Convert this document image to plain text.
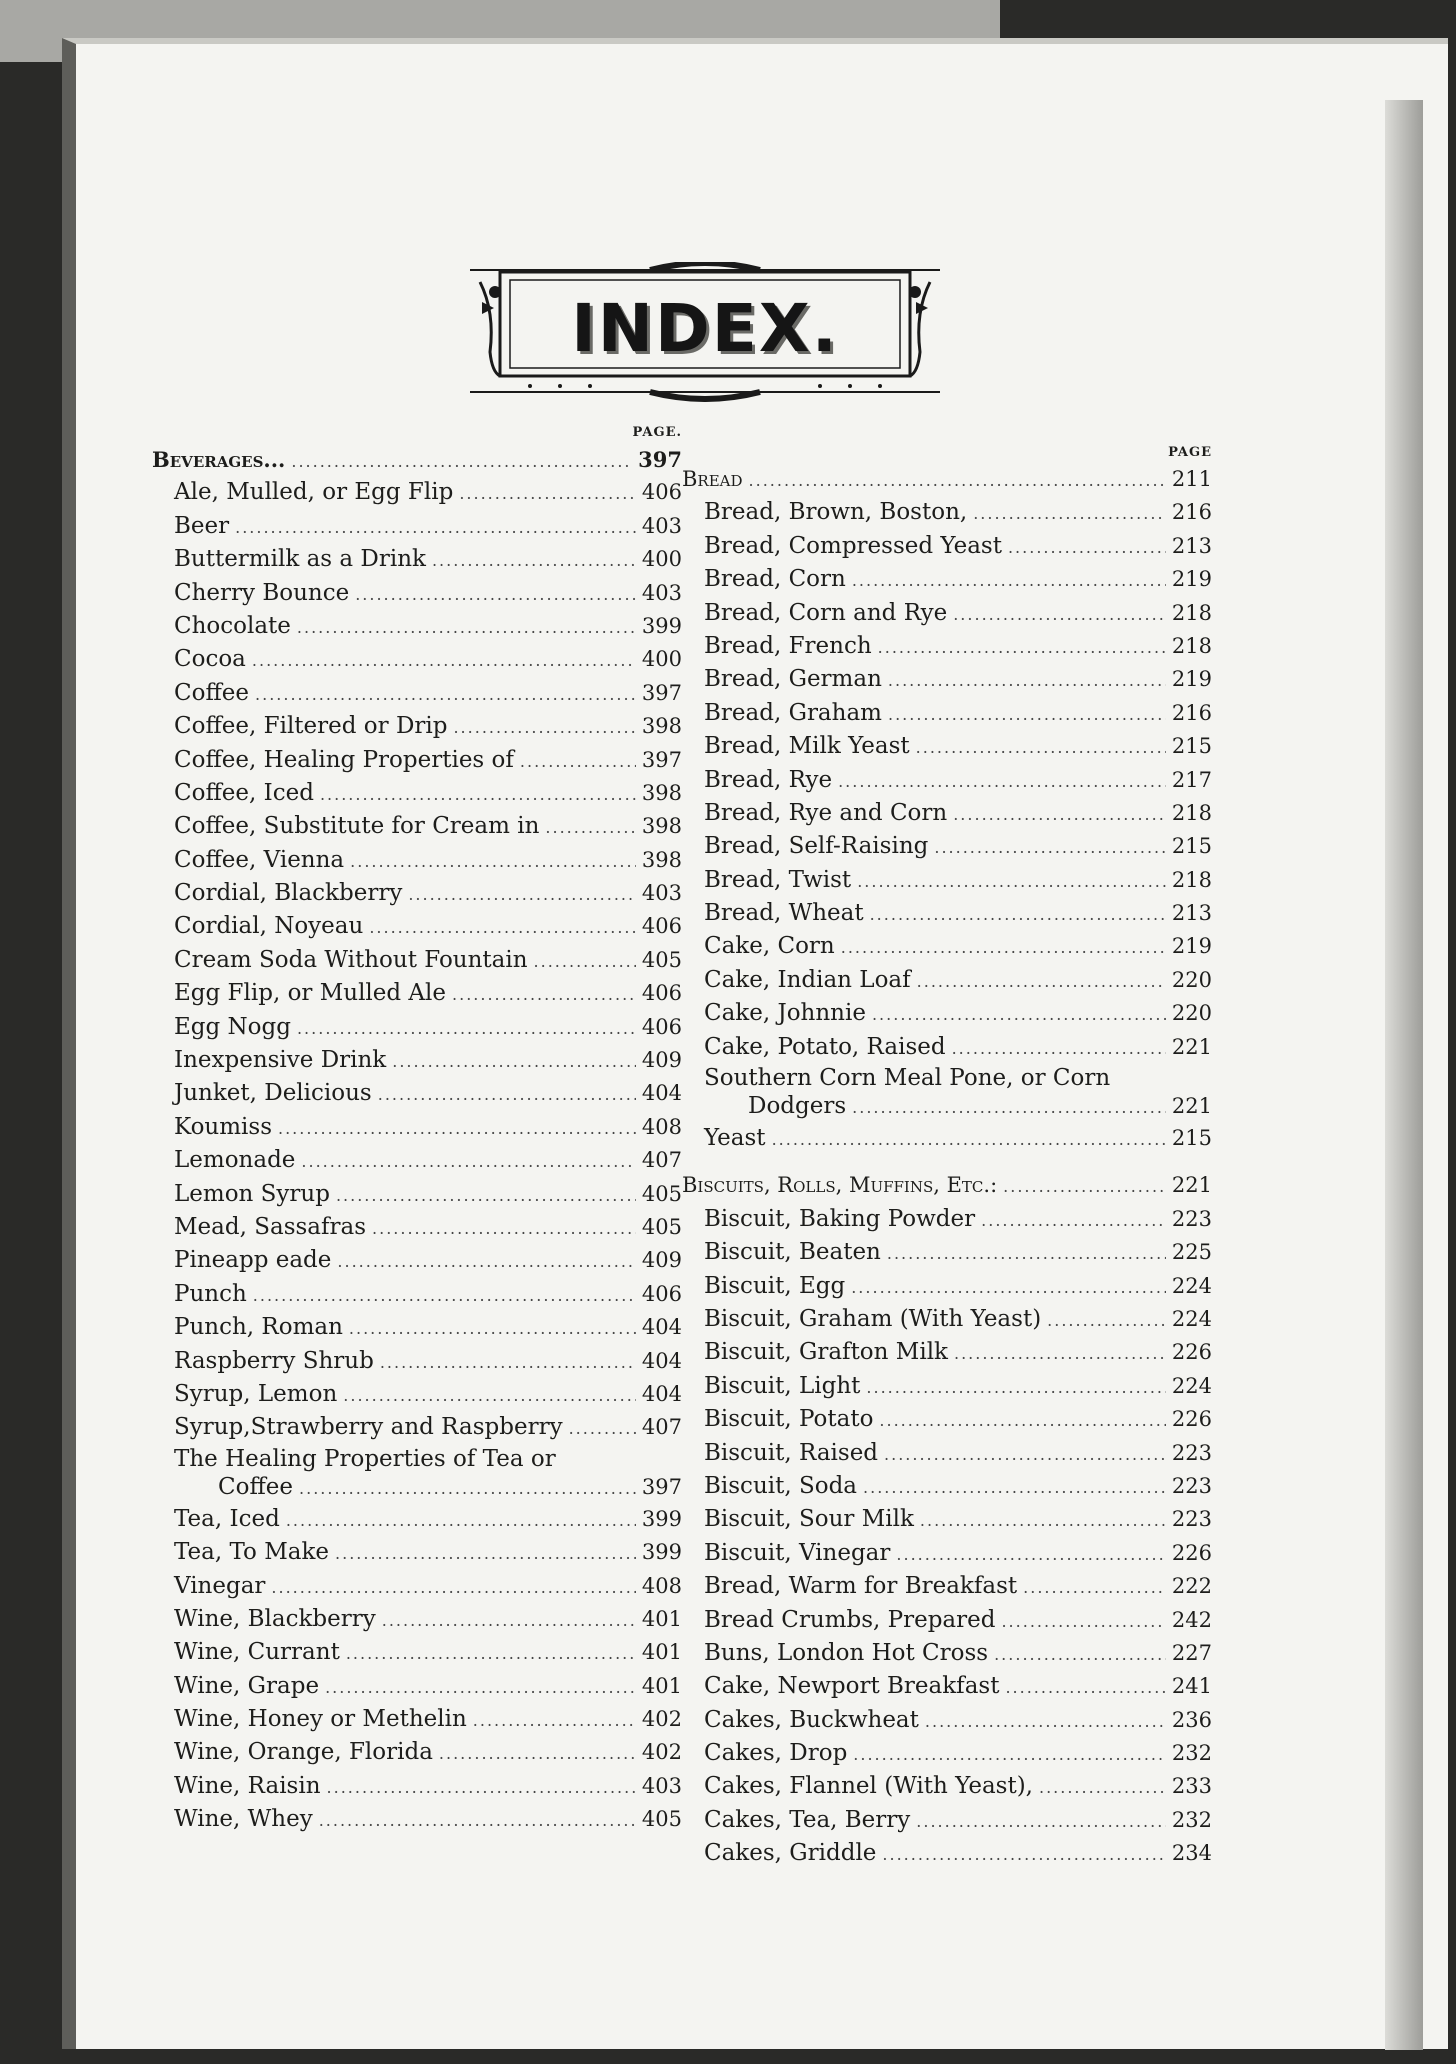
INDEX.
PAGE.
Beverages... .....	397
Ale, Mulled, or Egg Flip .....	406
Beer .....	403
Buttermilk as a Drink .....	400
Cherry Bounce .....	403
Chocolate .....	399
Cocoa .....	400
Coffee .....	397
Coffee, Filtered or Drip .....	398
Coffee, Healing Properties of .....	397
Coffee, Iced .....	398
Coffee, Substitute for Cream in .....	398
Coffee, Vienna .....	398
Cordial, Blackberry .....	403
Cordial, Noyeau .....	406
Cream Soda Without Fountain .....	405
Egg Flip, or Mulled Ale .....	406
Egg Nogg .....	406
Inexpensive Drink .....	409
Junket, Delicious .....	404
Koumiss .....	408
Lemonade .....	407
Lemon Syrup .....	405
Mead, Sassafras .....	405
Pineapp eade .....	409
Punch .....	406
Punch, Roman .....	404
Raspberry Shrub .....	404
Syrup, Lemon .....	404
Syrup,Strawberry and Raspberry .....	407
The Healing Properties of Tea or
Coffee .....	397
Tea, Iced .....	399
Tea, To Make .....	399
Vinegar .....	408
Wine, Blackberry .....	401
Wine, Currant .....	401
Wine, Grape .....	401
Wine, Honey or Methelin .....	402
Wine, Orange, Florida .....	402
Wine, Raisin .....	403
Wine, Whey .....	405
PAGE
Bread .....	211
Bread, Brown, Boston, .....	216
Bread, Compressed Yeast .....	213
Bread, Corn .....	219
Bread, Corn and Rye .....	218
Bread, French .....	218
Bread, German .....	219
Bread, Graham .....	216
Bread, Milk Yeast .....	215
Bread, Rye .....	217
Bread, Rye and Corn .....	218
Bread, Self-Raising .....	215
Bread, Twist .....	218
Bread, Wheat .....	213
Cake, Corn .....	219
Cake, Indian Loaf .....	220
Cake, Johnnie .....	220
Cake, Potato, Raised .....	221
Southern Corn Meal Pone, or Corn
Dodgers .....	221
Yeast .....	215
Biscuits, Rolls, Muffins, Etc.: .....	221
Biscuit, Baking Powder .....	223
Biscuit, Beaten .....	225
Biscuit, Egg .....	224
Biscuit, Graham (With Yeast) .....	224
Biscuit, Grafton Milk .....	226
Biscuit, Light .....	224
Biscuit, Potato .....	226
Biscuit, Raised .....	223
Biscuit, Soda .....	223
Biscuit, Sour Milk .....	223
Biscuit, Vinegar .....	226
Bread, Warm for Breakfast .....	222
Bread Crumbs, Prepared .....	242
Buns, London Hot Cross .....	227
Cake, Newport Breakfast .....	241
Cakes, Buckwheat .....	236
Cakes, Drop .....	232
Cakes, Flannel (With Yeast), .....	233
Cakes, Tea, Berry .....	232
Cakes, Griddle .....	234
